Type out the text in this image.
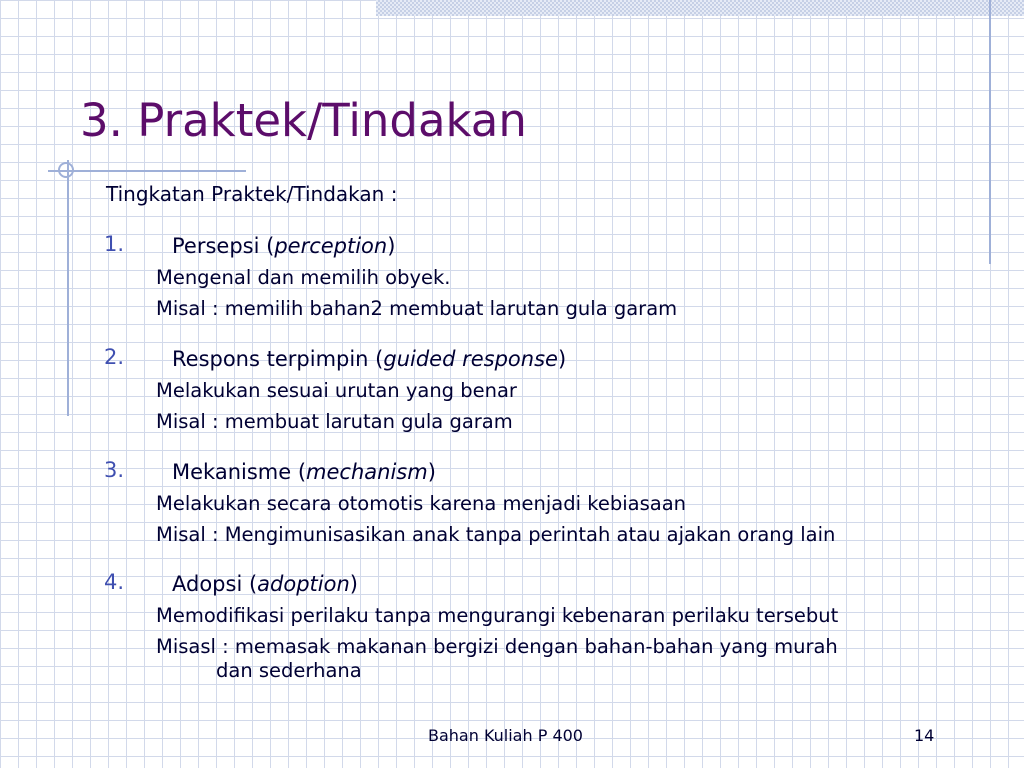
3. Praktek/Tindakan
Tingkatan Praktek/Tindakan :
1. Persepsi (perception)
Mengenal dan memilih obyek.
Misal : memilih bahan2 membuat larutan gula garam
2. Respons terpimpin (guided response)
Melakukan sesuai urutan yang benar
Misal : membuat larutan gula garam
3. Mekanisme (mechanism)
Melakukan secara otomotis karena menjadi kebiasaan
Misal : Mengimunisasikan anak tanpa perintah atau ajakan orang lain
4. Adopsi (adoption)
Memodifikasi perilaku tanpa mengurangi kebenaran perilaku tersebut
Misasl : memasak makanan bergizi dengan bahan-bahan yang murah
dan sederhana
Bahan Kuliah P 400	14
